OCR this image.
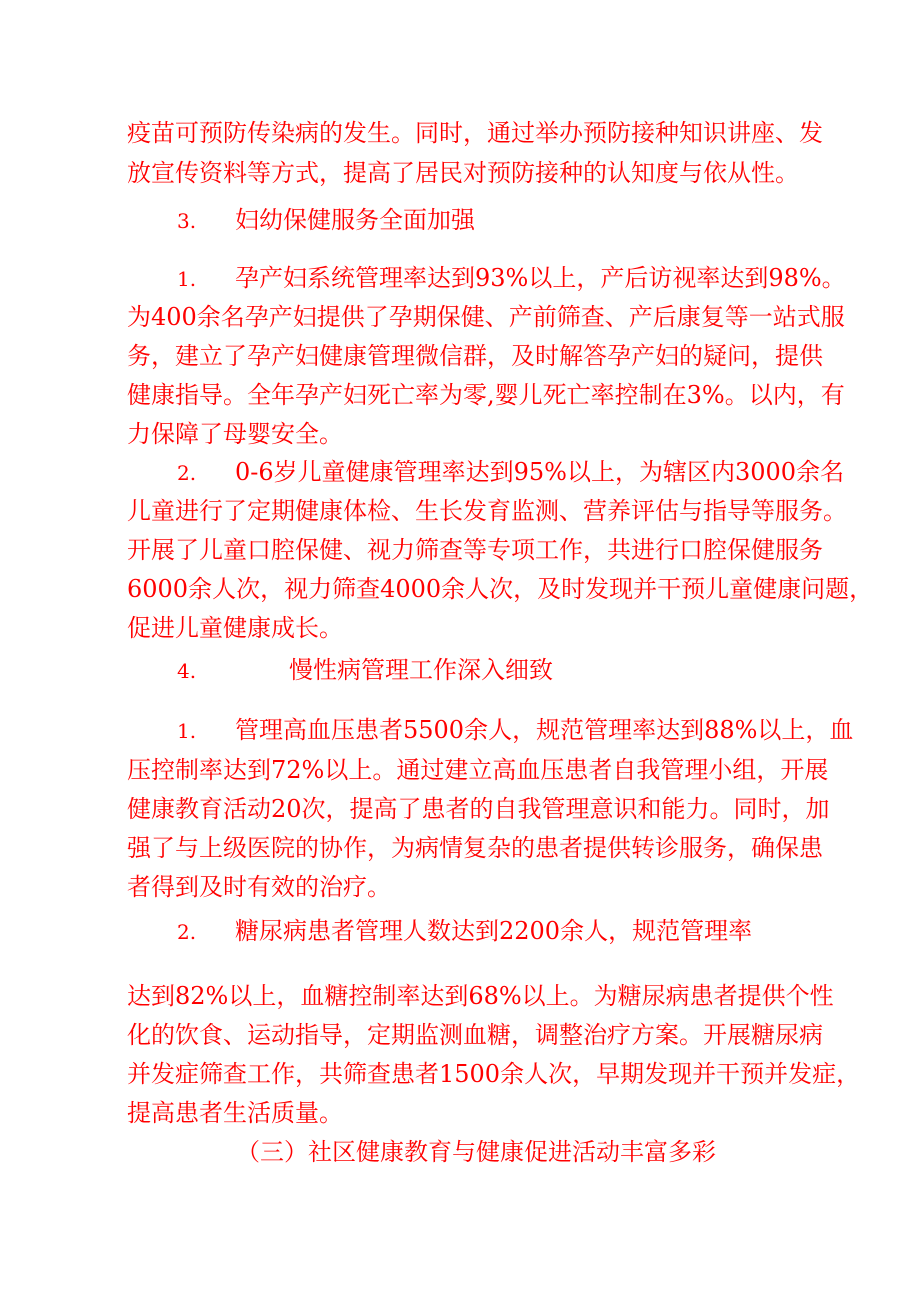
疫苗可预防传染病的发生。同时，通过举办预防接种知识讲座、发
放宣传资料等方式，提高了居民对预防接种的认知度与依从性。
3. 妇幼保健服务全面加强
1. 孕产妇系统管理率达到93%以上，产后访视率达到98%。
为400余名孕产妇提供了孕期保健、产前筛查、产后康复等一站式服
务，建立了孕产妇健康管理微信群，及时解答孕产妇的疑问，提供
健康指导。全年孕产妇死亡率为零,婴儿死亡率控制在3%。以内，有
力保障了母婴安全。
2. 0-6岁儿童健康管理率达到95%以上，为辖区内3000余名
儿童进行了定期健康体检、生长发育监测、营养评估与指导等服务。
开展了儿童口腔保健、视力筛查等专项工作，共进行口腔保健服务
6000余人次，视力筛查4000余人次，及时发现并干预儿童健康问题，
促进儿童健康成长。
4.	慢性病管理工作深入细致
1. 管理高血压患者5500余人，规范管理率达到88%以上，血
压控制率达到72%以上。通过建立高血压患者自我管理小组，开展
健康教育活动20次，提高了患者的自我管理意识和能力。同时，加
强了与上级医院的协作，为病情复杂的患者提供转诊服务，确保患
者得到及时有效的治疗。
2. 糖尿病患者管理人数达到2200余人，规范管理率
达到82%以上，血糖控制率达到68%以上。为糖尿病患者提供个性
化的饮食、运动指导，定期监测血糖，调整治疗方案。开展糖尿病
并发症筛查工作，共筛查患者1500余人次，早期发现并干预并发症，
提高患者生活质量。
（三）社区健康教育与健康促进活动丰富多彩
